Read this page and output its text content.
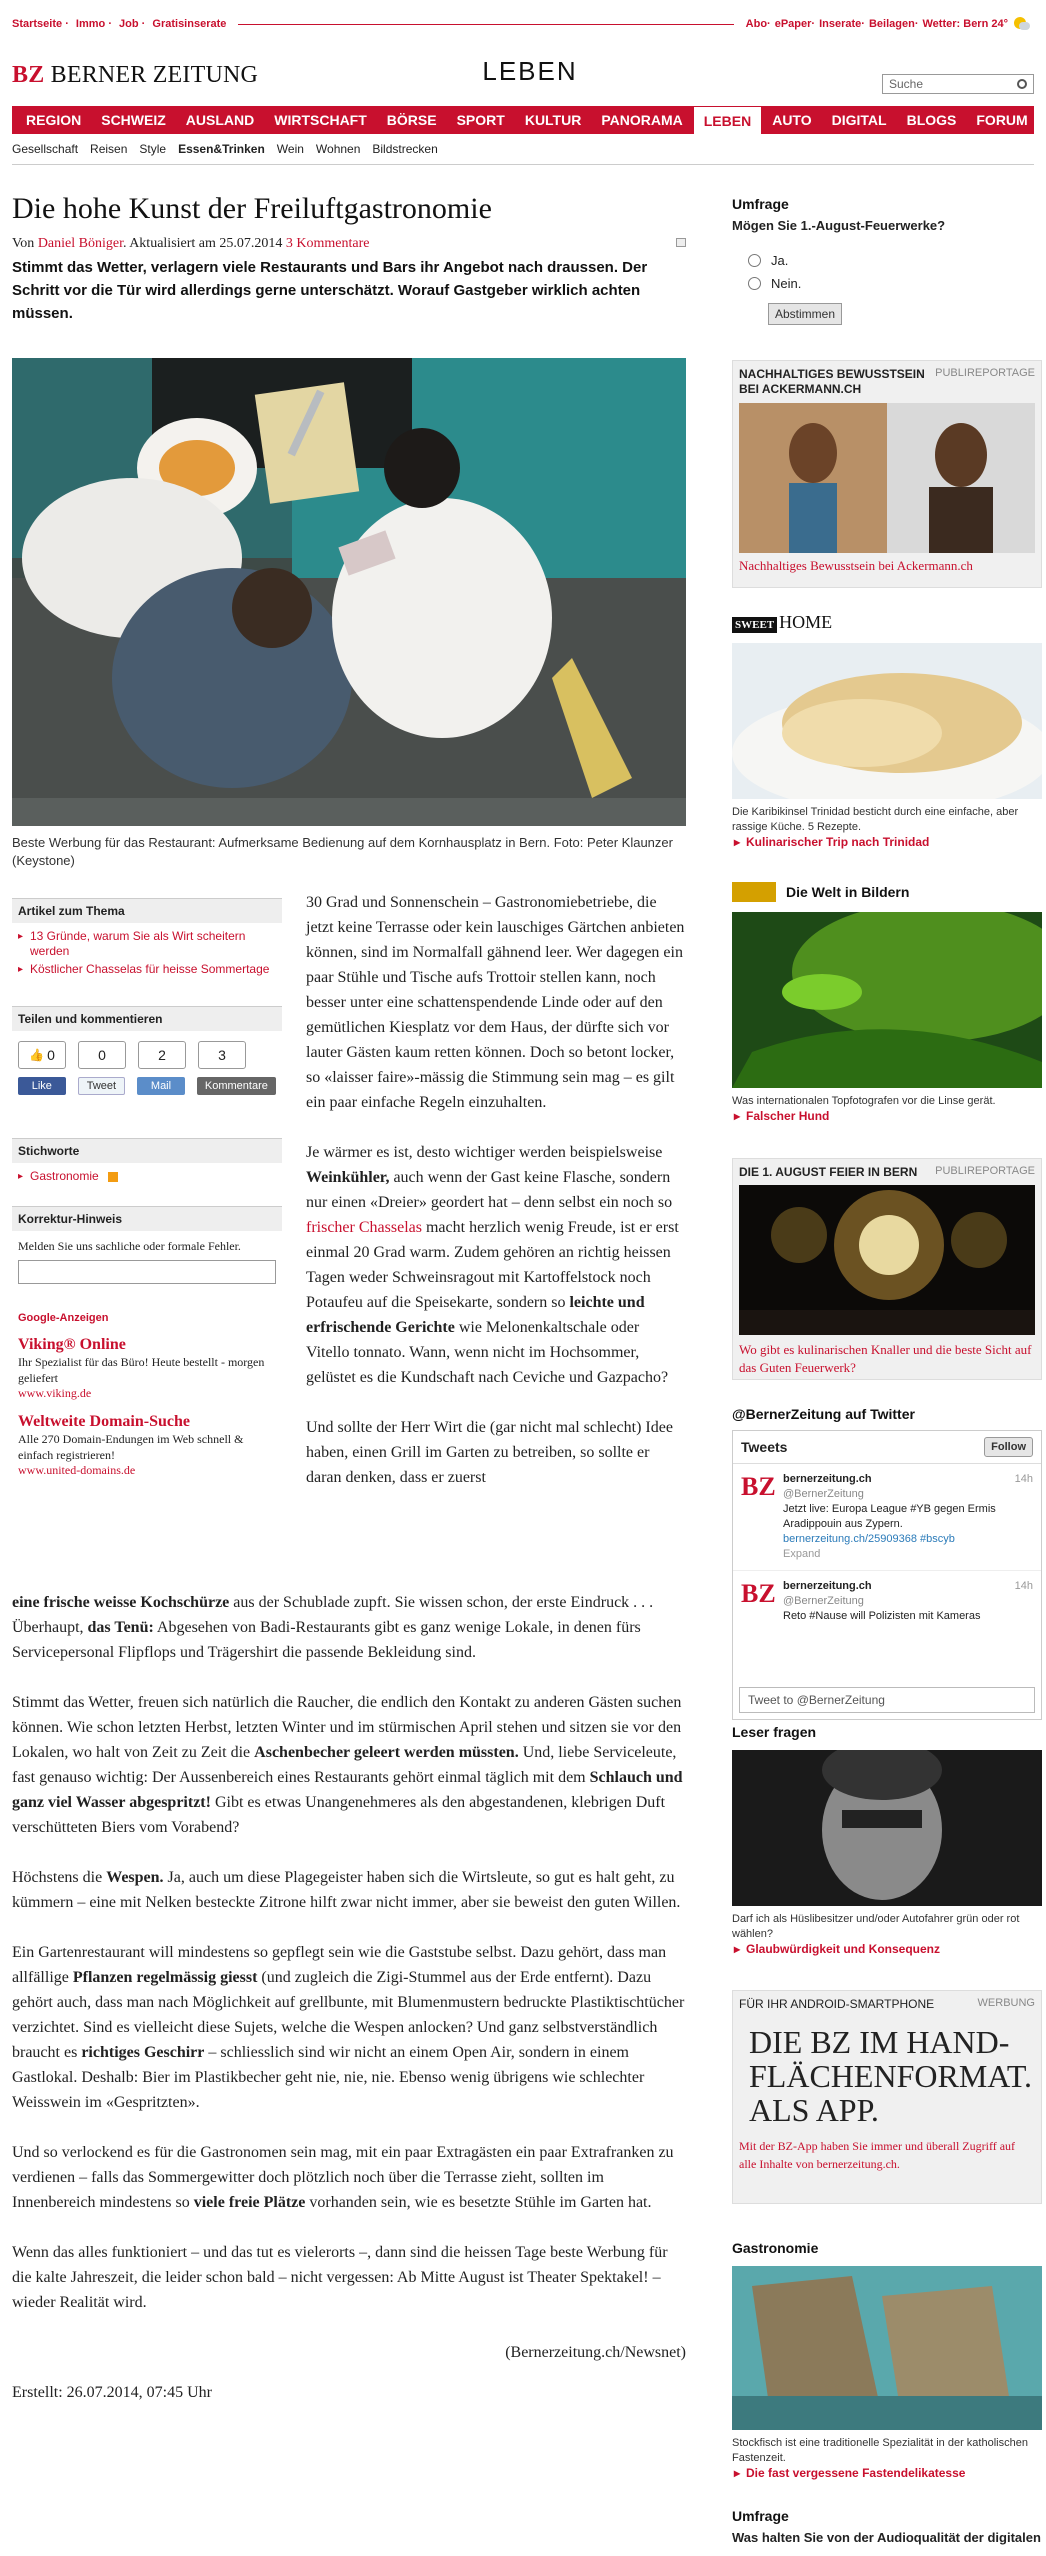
Startseite · Immo · Job · Gratisinserate	Abo · ePaper · Inserate · Beilagen · Wetter: Bern 24°
BZ BERNER ZEITUNG	LEBEN	Suche
REGION	SCHWEIZ	AUSLAND	WIRTSCHAFT	BÖRSE	SPORT	KULTUR	PANORAMA	LEBEN	AUTO	DIGITAL	BLOGS	FORUM
Gesellschaft Reisen Style Essen&Trinken Wein Wohnen Bildstrecken
Die hohe Kunst der Freiluftgastronomie
Von Daniel Böniger. Aktualisiert am 25.07.2014 3 Kommentare
Stimmt das Wetter, verlagern viele Restaurants und Bars ihr Angebot nach draussen. Der Schritt vor die Tür wird allerdings gerne unterschätzt. Worauf Gastgeber wirklich achten müssen.
Beste Werbung für das Restaurant: Aufmerksame Bedienung auf dem Kornhausplatz in Bern. Foto: Peter Klaunzer (Keystone)
Artikel zum Thema
▸ 13 Gründe, warum Sie als Wirt scheitern werden
▸ Köstlicher Chasselas für heisse Sommertage
Teilen und kommentieren
👍 0	0	2	3
Like	Tweet	Mail	Kommentare
Stichworte
▸ Gastronomie
Korrektur-Hinweis
Melden Sie uns sachliche oder formale Fehler.
Google-Anzeigen
Viking® Online
Ihr Spezialist für das Büro! Heute bestellt - morgen geliefert
www.viking.de
Weltweite Domain-Suche
Alle 270 Domain-Endungen im Web schnell & einfach registrieren!
www.united-domains.de

30 Grad und Sonnenschein – Gastronomiebetriebe, die jetzt keine Terrasse oder kein lauschiges Gärtchen anbieten können, sind im Normalfall gähnend leer. Wer dagegen ein paar Stühle und Tische aufs Trottoir stellen kann, noch besser unter eine schattenspendende Linde oder auf den gemütlichen Kiesplatz vor dem Haus, der dürfte sich vor lauter Gästen kaum retten können. Doch so betont locker, so «laisser faire»-mässig die Stimmung sein mag – es gilt ein paar einfache Regeln einzuhalten.

Je wärmer es ist, desto wichtiger werden beispielsweise Weinkühler, auch wenn der Gast keine Flasche, sondern nur einen «Dreier» geordert hat – denn selbst ein noch so frischer Chasselas macht herzlich wenig Freude, ist er erst einmal 20 Grad warm. Zudem gehören an richtig heissen Tagen weder Schweinsragout mit Kartoffelstock noch Potaufeu auf die Speisekarte, sondern so leichte und erfrischende Gerichte wie Melonenkaltschale oder Vitello tonnato. Wann, wenn nicht im Hochsommer, gelüstet es die Kundschaft nach Ceviche und Gazpacho?

Und sollte der Herr Wirt die (gar nicht mal schlecht) Idee haben, einen Grill im Garten zu betreiben, so sollte er daran denken, dass er zuerst

eine frische weisse Kochschürze aus der Schublade zupft. Sie wissen schon, der erste Eindruck . . . Überhaupt, das Tenü: Abgesehen von Badi-Restaurants gibt es ganz wenige Lokale, in denen fürs Servicepersonal Flipflops und Trägershirt die passende Bekleidung sind.

Stimmt das Wetter, freuen sich natürlich die Raucher, die endlich den Kontakt zu anderen Gästen suchen können. Wie schon letzten Herbst, letzten Winter und im stürmischen April stehen und sitzen sie vor den Lokalen, wo halt von Zeit zu Zeit die Aschenbecher geleert werden müssten. Und, liebe Serviceleute, fast genauso wichtig: Der Aussenbereich eines Restaurants gehört einmal täglich mit dem Schlauch und ganz viel Wasser abgespritzt! Gibt es etwas Unangenehmeres als den abgestandenen, klebrigen Duft verschütteten Biers vom Vorabend?

Höchstens die Wespen. Ja, auch um diese Plagegeister haben sich die Wirtsleute, so gut es halt geht, zu kümmern – eine mit Nelken besteckte Zitrone hilft zwar nicht immer, aber sie beweist den guten Willen.

Ein Gartenrestaurant will mindestens so gepflegt sein wie die Gaststube selbst. Dazu gehört, dass man allfällige Pflanzen regelmässig giesst (und zugleich die Zigi-Stummel aus der Erde entfernt). Dazu gehört auch, dass man nach Möglichkeit auf grellbunte, mit Blumenmustern bedruckte Plastiktischtücher verzichtet. Sind es vielleicht diese Sujets, welche die Wespen anlocken? Und ganz selbstverständlich braucht es richtiges Geschirr – schliesslich sind wir nicht an einem Open Air, sondern in einem Gastlokal. Deshalb: Bier im Plastikbecher geht nie, nie, nie. Ebenso wenig übrigens wie schlechter Weisswein im «Gespritzten».

Und so verlockend es für die Gastronomen sein mag, mit ein paar Extragästen ein paar Extrafranken zu verdienen – falls das Sommergewitter doch plötzlich noch über die Terrasse zieht, sollten im Innenbereich mindestens so viele freie Plätze vorhanden sein, wie es besetzte Stühle im Garten hat.

Wenn das alles funktioniert – und das tut es vielerorts –, dann sind die heissen Tage beste Werbung für die kalte Jahreszeit, die leider schon bald – nicht vergessen: Ab Mitte August ist Theater Spektakel! – wieder Realität wird.

(Bernerzeitung.ch/Newsnet)

Erstellt: 26.07.2014, 07:45 Uhr

Umfrage
Mögen Sie 1.-August-Feuerwerke?
Ja.
Nein.
Abstimmen
NACHHALTIGES BEWUSSTSEIN BEI ACKERMANN.CH
PUBLIREPORTAGE
Nachhaltiges Bewusstsein bei Ackermann.ch
SWEET HOME
Die Karibikinsel Trinidad besticht durch eine einfache, aber rassige Küche. 5 Rezepte.
▸ Kulinarischer Trip nach Trinidad
Die Welt in Bildern
Was internationalen Topfotografen vor die Linse gerät.
▸ Falscher Hund
DIE 1. AUGUST FEIER IN BERN PUBLIREPORTAGE
Wo gibt es kulinarischen Knaller und die beste Sicht auf das Guten Feuerwerk?
@BernerZeitung auf Twitter
Tweets	Follow
BZ bernerzeitung.ch	14h
@BernerZeitung
Jetzt live: Europa League #YB gegen Ermis Aradippouin aus Zypern.
bernerzeitung.ch/25909368 #bscyb
Expand
BZ bernerzeitung.ch	14h
@BernerZeitung
Reto #Nause will Polizisten mit Kameras
Tweet to @BernerZeitung
Leser fragen
Darf ich als Hüslibesitzer und/oder Autofahrer grün oder rot wählen?
▸ Glaubwürdigkeit und Konsequenz
FÜR IHR ANDROID-SMARTPHONE	WERBUNG
DIE BZ IM HAND-FLÄCHENFORMAT. ALS APP.
Mit der BZ-App haben Sie immer und überall Zugriff auf alle Inhalte von bernerzeitung.ch.
Gastronomie
Stockfisch ist eine traditionelle Spezialität in der katholischen Fastenzeit.
▸ Die fast vergessene Fastendelikatesse
Umfrage
Was halten Sie von der Audioqualität der digitalen
